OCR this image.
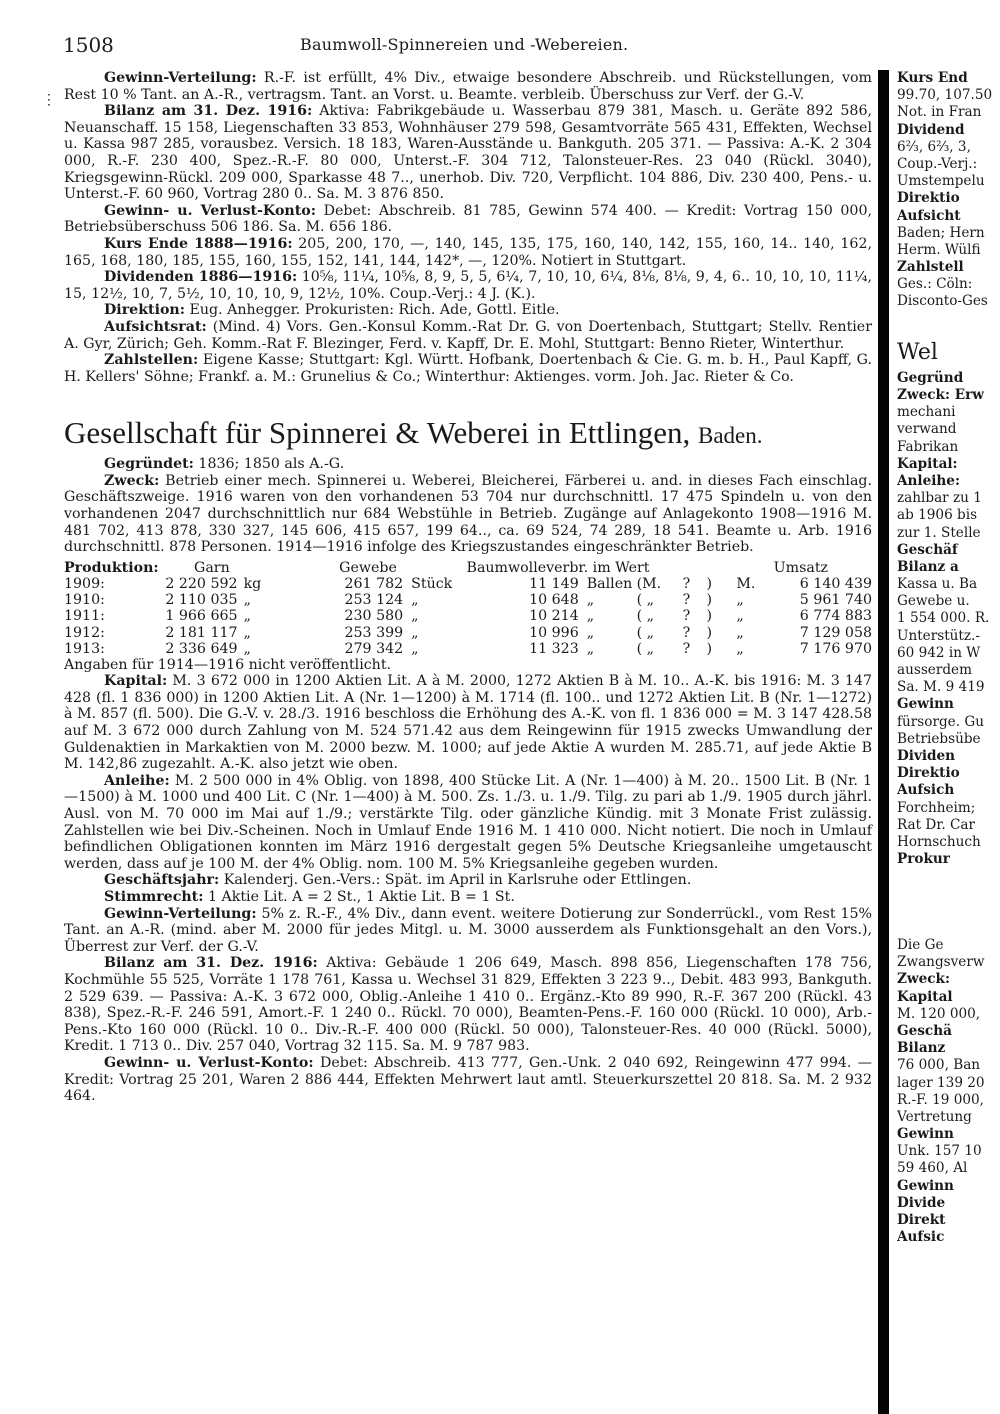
1508	Baumwoll-Spinnereien und -Webereien.
⋮

Gewinn-Verteilung: R.-F. ist erfüllt, 4% Div., etwaige besondere Abschreib. und Rückstellungen, vom Rest 10 % Tant. an A.-R., vertragsm. Tant. an Vorst. u. Beamte. verbleib. Überschuss zur Verf. der G.-V.

Bilanz am 31. Dez. 1916: Aktiva: Fabrikgebäude u. Wasserbau 879 381, Masch. u. Geräte 892 586, Neuanschaff. 15 158, Liegenschaften 33 853, Wohnhäuser 279 598, Gesamtvorräte 565 431, Effekten, Wechsel u. Kassa 987 285, vorausbez. Versich. 18 183, Waren-Ausstände u. Bankguth. 205 371. — Passiva: A.-K. 2 304 000, R.-F. 230 400, Spez.-R.-F. 80 000, Unterst.-F. 304 712, Talonsteuer-Res. 23 040 (Rückl. 3040), Kriegsgewinn-Rückl. 209 000, Sparkasse 48 7.., unerhob. Div. 720, Verpflicht. 104 886, Div. 230 400, Pens.- u. Unterst.-F. 60 960, Vortrag 280 0.. Sa. M. 3 876 850.

Gewinn- u. Verlust-Konto: Debet: Abschreib. 81 785, Gewinn 574 400. — Kredit: Vortrag 150 000, Betriebsüberschuss 506 186. Sa. M. 656 186.

Kurs Ende 1888—1916: 205, 200, 170, —, 140, 145, 135, 175, 160, 140, 142, 155, 160, 14.. 140, 162, 165, 168, 180, 185, 155, 160, 155, 152, 141, 144, 142*, —, 120%. Notiert in Stuttgart.

Dividenden 1886—1916: 10⅝, 11¼, 10⅝, 8, 9, 5, 5, 6¼, 7, 10, 10, 6¼, 8⅛, 8⅛, 9, 4, 6.. 10, 10, 10, 11¼, 15, 12½, 10, 7, 5½, 10, 10, 10, 9, 12½, 10%. Coup.-Verj.: 4 J. (K.).

Direktion: Eug. Anhegger. Prokuristen: Rich. Ade, Gottl. Eitle.

Aufsichtsrat: (Mind. 4) Vors. Gen.-Konsul Komm.-Rat Dr. G. von Doertenbach, Stuttgart; Stellv. Rentier A. Gyr, Zürich; Geh. Komm.-Rat F. Blezinger, Ferd. v. Kapff, Dr. E. Mohl, Stuttgart: Benno Rieter, Winterthur.

Zahlstellen: Eigene Kasse; Stuttgart: Kgl. Württ. Hofbank, Doertenbach & Cie. G. m. b. H., Paul Kapff, G. H. Kellers' Söhne; Frankf. a. M.: Grunelius & Co.; Winterthur: Aktienges. vorm. Joh. Jac. Rieter & Co.

Gesellschaft für Spinnerei & Weberei in Ettlingen, Baden.

Gegründet: 1836; 1850 als A.-G.

Zweck: Betrieb einer mech. Spinnerei u. Weberei, Bleicherei, Färberei u. and. in dieses Fach einschlag. Geschäftszweige. 1916 waren von den vorhandenen 53 704 nur durchschnittl. 17 475 Spindeln u. von den vorhandenen 2047 durchschnittlich nur 684 Webstühle in Betrieb. Zugänge auf Anlagekonto 1908—1916 M. 481 702, 413 878, 330 327, 145 606, 415 657, 199 64.., ca. 69 524, 74 289, 18 541. Beamte u. Arb. 1916 durchschnittl. 878 Personen. 1914—1916 infolge des Kriegszustandes eingeschränkter Betrieb.

Produktion:	Garn	Gewebe	Baumwolleverbr. im Wert	Umsatz
1909:	2 220 592 kg	261 782 Stück	11 149 Ballen (M.	?	)	M.	6 140 439
1910:	2 110 035 „	253 124 „	10 648 „	( „	?	)	„	5 961 740
1911:	1 966 665 „	230 580 „	10 214 „	( „	?	)	„	6 774 883
1912:	2 181 117 „	253 399 „	10 996 „	( „	?	)	„	7 129 058
1913:	2 336 649 „	279 342 „	11 323 „	( „	?	)	„	7 176 970
Angaben für 1914—1916 nicht veröffentlicht.

Kapital: M. 3 672 000 in 1200 Aktien Lit. A à M. 2000, 1272 Aktien B à M. 10.. A.-K. bis 1916: M. 3 147 428 (fl. 1 836 000) in 1200 Aktien Lit. A (Nr. 1—1200) à M. 1714 (fl. 100.. und 1272 Aktien Lit. B (Nr. 1—1272) à M. 857 (fl. 500). Die G.-V. v. 28./3. 1916 beschloss die Erhöhung des A.-K. von fl. 1 836 000 = M. 3 147 428.58 auf M. 3 672 000 durch Zahlung von M. 524 571.42 aus dem Reingewinn für 1915 zwecks Umwandlung der Guldenaktien in Markaktien von M. 2000 bezw. M. 1000; auf jede Aktie A wurden M. 285.71, auf jede Aktie B M. 142,86 zugezahlt. A.-K. also jetzt wie oben.

Anleihe: M. 2 500 000 in 4% Oblig. von 1898, 400 Stücke Lit. A (Nr. 1—400) à M. 20.. 1500 Lit. B (Nr. 1—1500) à M. 1000 und 400 Lit. C (Nr. 1—400) à M. 500. Zs. 1./3. u. 1./9. Tilg. zu pari ab 1./9. 1905 durch jährl. Ausl. von M. 70 000 im Mai auf 1./9.; verstärkte Tilg. oder gänzliche Kündig. mit 3 Monate Frist zulässig. Zahlstellen wie bei Div.-Scheinen. Noch in Umlauf Ende 1916 M. 1 410 000. Nicht notiert. Die noch in Umlauf befindlichen Obligationen konnten im März 1916 dergestalt gegen 5% Deutsche Kriegsanleihe umgetauscht werden, dass auf je 100 M. der 4% Oblig. nom. 100 M. 5% Kriegsanleihe gegeben wurden.

Geschäftsjahr: Kalenderj. Gen.-Vers.: Spät. im April in Karlsruhe oder Ettlingen.

Stimmrecht: 1 Aktie Lit. A = 2 St., 1 Aktie Lit. B = 1 St.

Gewinn-Verteilung: 5% z. R.-F., 4% Div., dann event. weitere Dotierung zur Sonderrückl., vom Rest 15% Tant. an A.-R. (mind. aber M. 2000 für jedes Mitgl. u. M. 3000 ausserdem als Funktionsgehalt an den Vors.), Überrest zur Verf. der G.-V.

Bilanz am 31. Dez. 1916: Aktiva: Gebäude 1 206 649, Masch. 898 856, Liegenschaften 178 756, Kochmühle 55 525, Vorräte 1 178 761, Kassa u. Wechsel 31 829, Effekten 3 223 9.., Debit. 483 993, Bankguth. 2 529 639. — Passiva: A.-K. 3 672 000, Oblig.-Anleihe 1 410 0.. Ergänz.-Kto 89 990, R.-F. 367 200 (Rückl. 43 838), Spez.-R.-F. 246 591, Amort.-F. 1 240 0.. Rückl. 70 000), Beamten-Pens.-F. 160 000 (Rückl. 10 000), Arb.-Pens.-Kto 160 000 (Rückl. 10 0.. Div.-R.-F. 400 000 (Rückl. 50 000), Talonsteuer-Res. 40 000 (Rückl. 5000), Kredit. 1 713 0.. Div. 257 040, Vortrag 32 115. Sa. M. 9 787 983.

Gewinn- u. Verlust-Konto: Debet: Abschreib. 413 777, Gen.-Unk. 2 040 692, Reingewinn 477 994. — Kredit: Vortrag 25 201, Waren 2 886 444, Effekten Mehrwert laut amtl. Steuerkurszettel 20 818. Sa. M. 2 932 464.

Kurs End
99.70, 107.50
Not. in Fran
Dividend
6⅔, 6⅔, 3,
Coup.-Verj.:
Umstempelu
Direktio
Aufsicht
Baden; Hern
Herm. Wülfi
Zahlstell
Ges.: Cöln:
Disconto-Ges
Wel
Gegründ
Zweck: Erw
mechani
verwand
Fabrikan
Kapital:
Anleihe:
zahlbar zu 1
ab 1906 bis
zur 1. Stelle
Geschäf
Bilanz a
Kassa u. Ba
Gewebe u.
1 554 000. R.
Unterstütz.-
60 942 in W
ausserdem
Sa. M. 9 419
Gewinn
fürsorge. Gu
Betriebsübe
Dividen
Direktio
Aufsich
Forchheim;
Rat Dr. Car
Hornschuch
Prokur
Die Ge
Zwangsverw
Zweck:
Kapital
M. 120 000,
Geschä
Bilanz
76 000, Ban
lager 139 20
R.-F. 19 000,
Vertretung
Gewinn
Unk. 157 10
59 460, Al
Gewinn
Divide
Direkt
Aufsic
